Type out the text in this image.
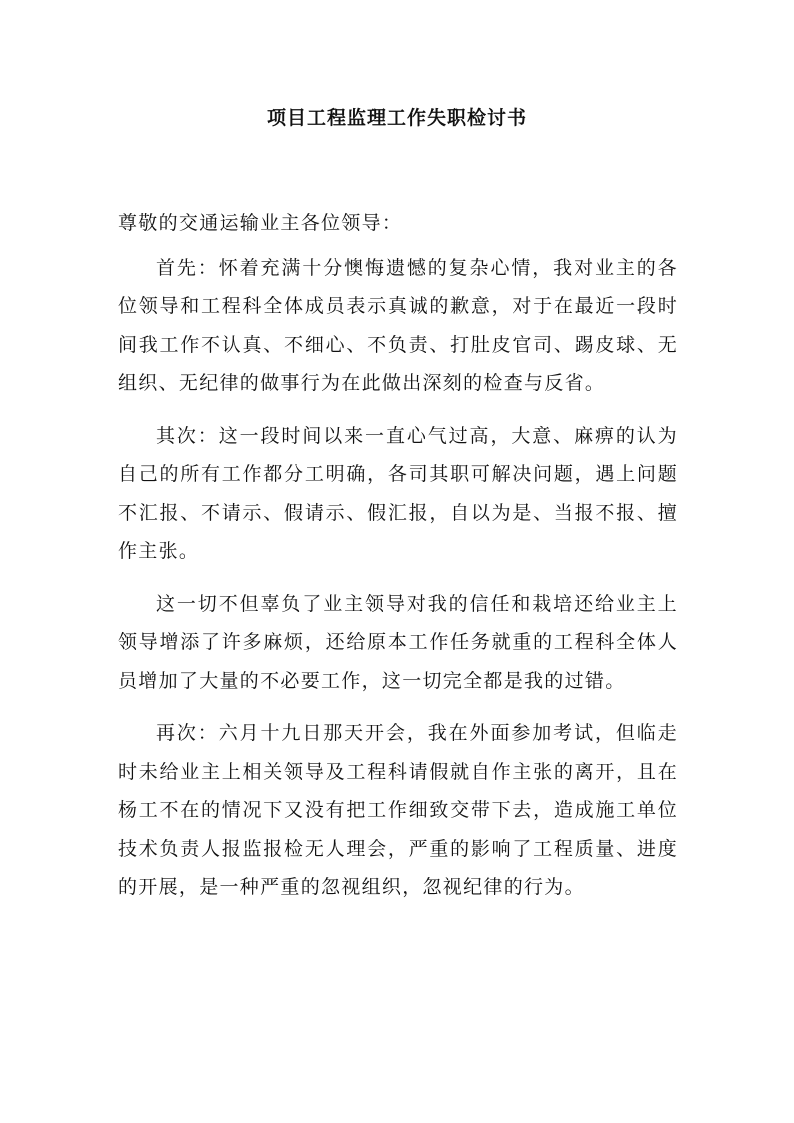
项目工程监理工作失职检讨书
尊敬的交通运输业主各位领导：

首先：怀着充满十分懊悔遗憾的复杂心情，我对业主的各位领导和工程科全体成员表示真诚的歉意，对于在最近一段时间我工作不认真、不细心、不负责、打肚皮官司、踢皮球、无组织、无纪律的做事行为在此做出深刻的检查与反省。

其次：这一段时间以来一直心气过高，大意、麻痹的认为自己的所有工作都分工明确，各司其职可解决问题，遇上问题不汇报、不请示、假请示、假汇报，自以为是、当报不报、擅作主张。

这一切不但辜负了业主领导对我的信任和栽培还给业主上领导增添了许多麻烦，还给原本工作任务就重的工程科全体人员增加了大量的不必要工作，这一切完全都是我的过错。

再次：六月十九日那天开会，我在外面参加考试，但临走时未给业主上相关领导及工程科请假就自作主张的离开，且在杨工不在的情况下又没有把工作细致交带下去，造成施工单位技术负责人报监报检无人理会，严重的影响了工程质量、进度的开展，是一种严重的忽视组织，忽视纪律的行为。
